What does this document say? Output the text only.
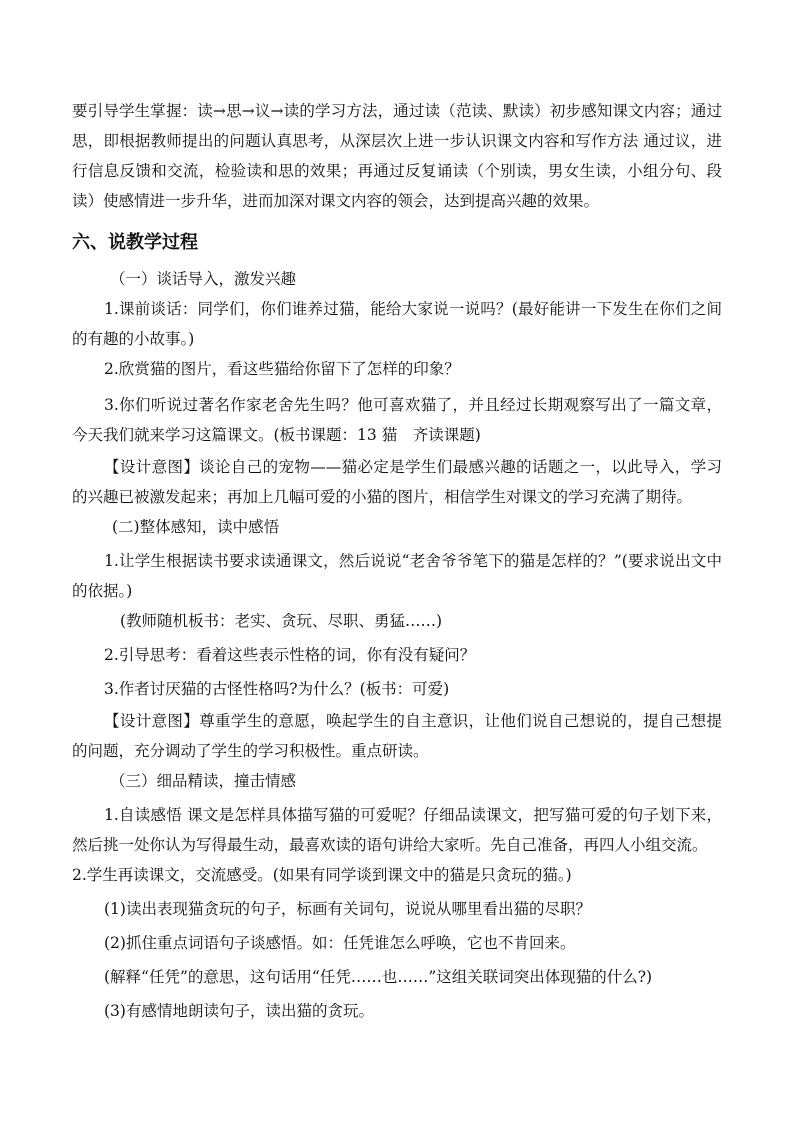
要引导学生掌握：读→思→议→读的学习方法，通过读（范读、默读）初步感知课文内容；通过思，即根据教师提出的问题认真思考，从深层次上进一步认识课文内容和写作方法 通过议，进行信息反馈和交流，检验读和思的效果；再通过反复诵读（个别读，男女生读，小组分句、段读）使感情进一步升华，进而加深对课文内容的领会，达到提高兴趣的效果。
六、说教学过程
（一）谈话导入，激发兴趣
1.课前谈话：同学们，你们谁养过猫，能给大家说一说吗？(最好能讲一下发生在你们之间的有趣的小故事。)
2.欣赏猫的图片，看这些猫给你留下了怎样的印象？
3.你们听说过著名作家老舍先生吗？他可喜欢猫了，并且经过长期观察写出了一篇文章，今天我们就来学习这篇课文。(板书课题：13 猫　齐读课题)
【设计意图】谈论自己的宠物——猫必定是学生们最感兴趣的话题之一，以此导入，学习的兴趣已被激发起来；再加上几幅可爱的小猫的图片，相信学生对课文的学习充满了期待。
(二)整体感知，读中感悟
1.让学生根据读书要求读通课文，然后说说“老舍爷爷笔下的猫是怎样的？”(要求说出文中的依据。)
(教师随机板书：老实、贪玩、尽职、勇猛……)
2.引导思考：看着这些表示性格的词，你有没有疑问？
3.作者讨厌猫的古怪性格吗?为什么？(板书：可爱)
【设计意图】尊重学生的意愿，唤起学生的自主意识，让他们说自己想说的，提自己想提的问题，充分调动了学生的学习积极性。重点研读。
（三）细品精读，撞击情感
1.自读感悟 课文是怎样具体描写猫的可爱呢？仔细品读课文，把写猫可爱的句子划下来，然后挑一处你认为写得最生动，最喜欢读的语句讲给大家听。先自己准备，再四人小组交流。
2.学生再读课文，交流感受。(如果有同学谈到课文中的猫是只贪玩的猫。)
(1)读出表现猫贪玩的句子，标画有关词句，说说从哪里看出猫的尽职？
(2)抓住重点词语句子谈感悟。如：任凭谁怎么呼唤，它也不肯回来。
(解释“任凭”的意思，这句话用“任凭……也……”这组关联词突出体现猫的什么?)
(3)有感情地朗读句子，读出猫的贪玩。
